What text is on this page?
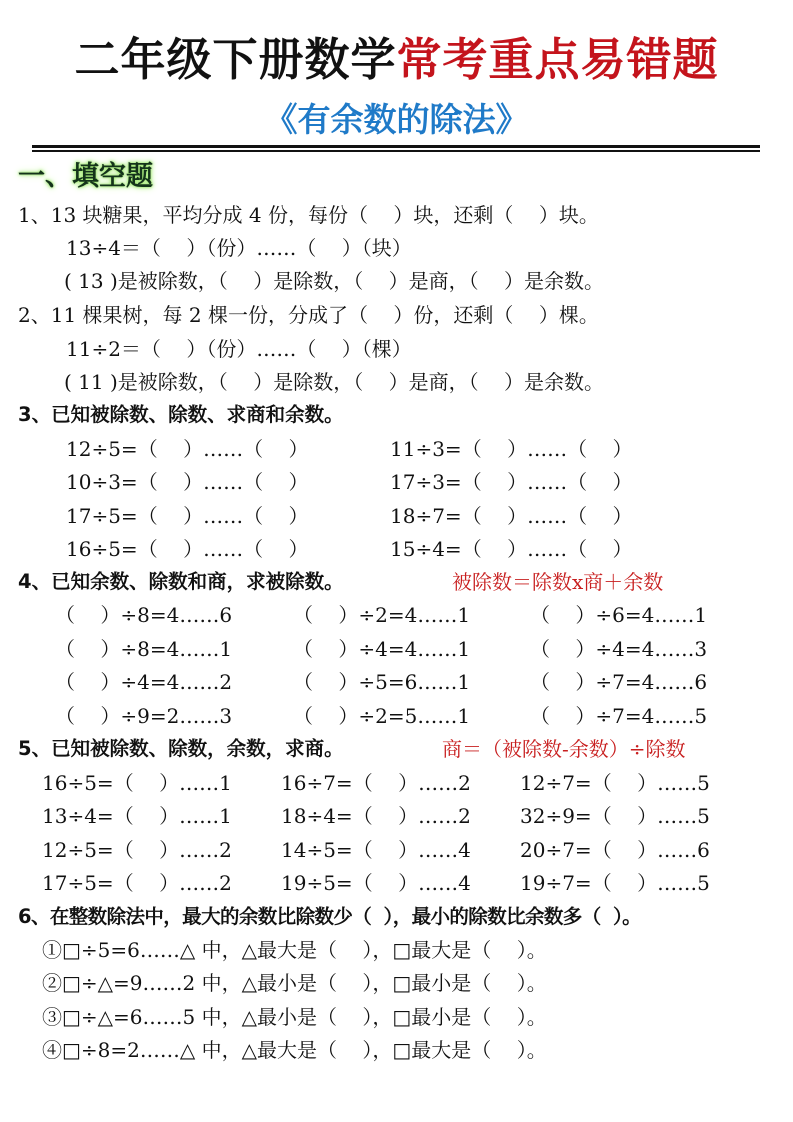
二年级下册数学常考重点易错题
《有余数的除法》
一、填空题
1、13 块糖果，平均分成 4 份，每份（    ）块，还剩（    ）块。
13÷4＝（    ）（份）……（    ）（块）
( 13 )是被除数，（    ）是除数，（    ）是商，（    ）是余数。
2、11 棵果树，每 2 棵一份，分成了（    ）份，还剩（    ）棵。
11÷2＝（    ）（份）……（    ）（棵）
( 11 )是被除数，（    ）是除数，（    ）是商，（    ）是余数。
3、已知被除数、除数、求商和余数。
12÷5=（    ）……（    ）	11÷3=（    ）……（    ）
10÷3=（    ）……（    ）	17÷3=（    ）……（    ）
17÷5=（    ）……（    ）	18÷7=（    ）……（    ）
16÷5=（    ）……（    ）	15÷4=（    ）……（    ）
4、已知余数、除数和商，求被除数。	被除数＝除数x商＋余数
（    ）÷8=4……6	（    ）÷2=4……1	（    ）÷6=4……1
（    ）÷8=4……1	（    ）÷4=4……1	（    ）÷4=4……3
（    ）÷4=4……2	（    ）÷5=6……1	（    ）÷7=4……6
（    ）÷9=2……3	（    ）÷2=5……1	（    ）÷7=4……5
5、已知被除数、除数，余数，求商。	商＝（被除数-余数）÷除数
16÷5=（    ）……1 16÷7=（    ）……2 12÷7=（    ）……5
13÷4=（    ）……1 18÷4=（    ）……2 32÷9=（    ）……5
12÷5=（    ）……2 14÷5=（    ）……4 20÷7=（    ）……6
17÷5=（    ）……2 19÷5=（    ）……4 19÷7=（    ）……5
6、在整数除法中，最大的余数比除数少（  ），最小的除数比余数多（  ）。
①□÷5=6……△ 中，△最大是（    ），□最大是（    ）。
②□÷△=9……2 中，△最小是（    ），□最小是（    ）。
③□÷△=6……5 中，△最小是（    ），□最小是（    ）。
④□÷8=2……△ 中，△最大是（    ），□最大是（    ）。
